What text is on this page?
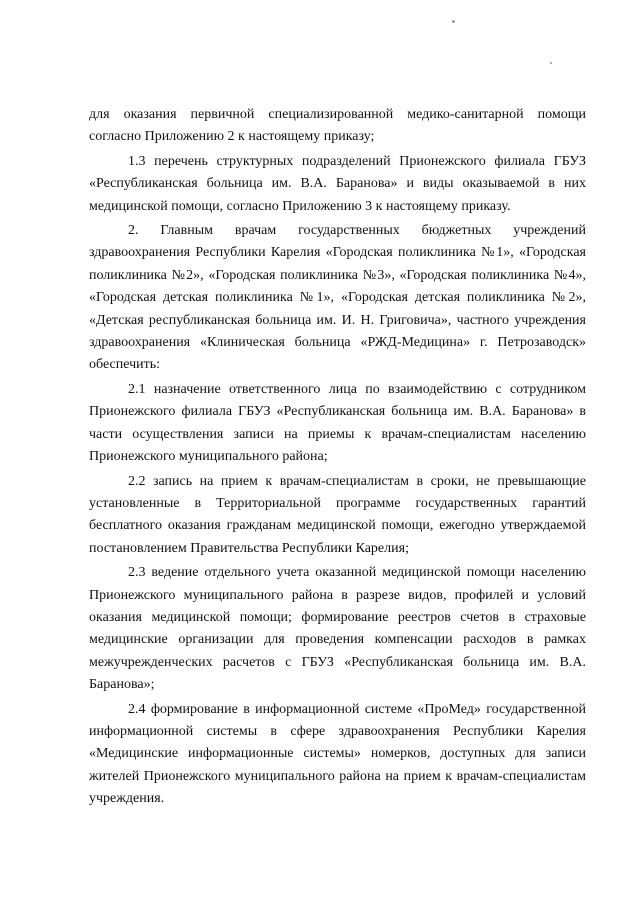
для оказания первичной специализированной медико-санитарной помощи согласно Приложению 2 к настоящему приказу;

1.3 перечень структурных подразделений Прионежского филиала ГБУЗ «Республиканская больница им. В.А. Баранова» и виды оказываемой в них медицинской помощи, согласно Приложению 3 к настоящему приказу.

2. Главным врачам государственных бюджетных учреждений здравоохранения Республики Карелия «Городская поликлиника №1», «Городская поликлиника №2», «Городская поликлиника №3», «Городская поликлиника №4», «Городская детская поликлиника №1», «Городская детская поликлиника №2», «Детская республиканская больница им. И. Н. Григовича», частного учреждения здравоохранения «Клиническая больница «РЖД-Медицина» г. Петрозаводск» обеспечить:

2.1 назначение ответственного лица по взаимодействию с сотрудником Прионежского филиала ГБУЗ «Республиканская больница им. В.А. Баранова» в части осуществления записи на приемы к врачам-специалистам населению Прионежского муниципального района;

2.2 запись на прием к врачам-специалистам в сроки, не превышающие установленные в Территориальной программе государственных гарантий бесплатного оказания гражданам медицинской помощи, ежегодно утверждаемой постановлением Правительства Республики Карелия;

2.3 ведение отдельного учета оказанной медицинской помощи населению Прионежского муниципального района в разрезе видов, профилей и условий оказания медицинской помощи; формирование реестров счетов в страховые медицинские организации для проведения компенсации расходов в рамках межучрежденческих расчетов с ГБУЗ «Республиканская больница им. В.А. Баранова»;

2.4 формирование в информационной системе «ПроМед» государственной информационной системы в сфере здравоохранения Республики Карелия «Медицинские информационные системы» номерков, доступных для записи жителей Прионежского муниципального района на прием к врачам-специалистам учреждения.
